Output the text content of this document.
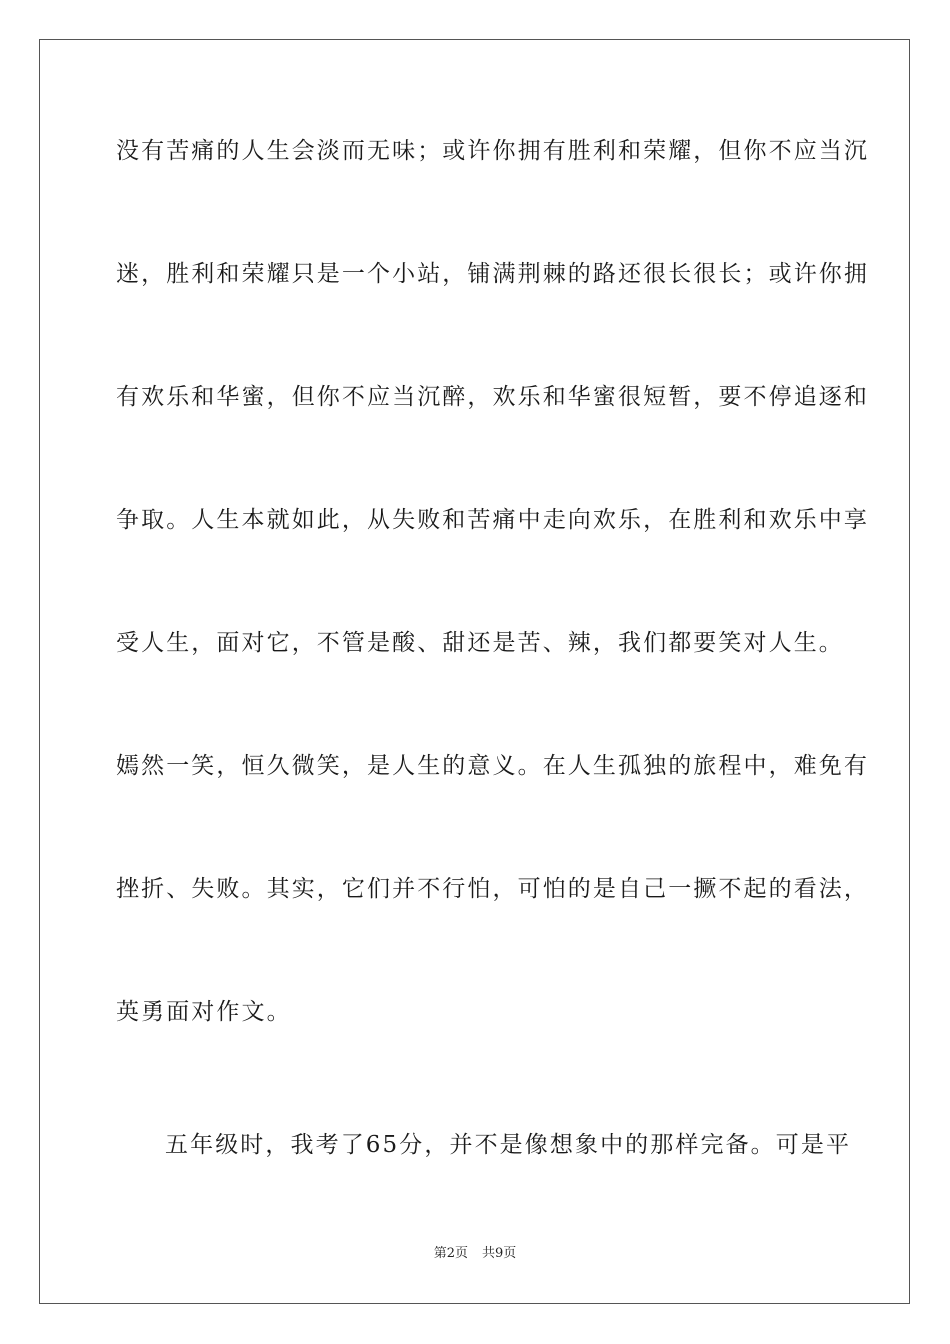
没有苦痛的人生会淡而无味；或许你拥有胜利和荣耀，但你不应当沉
迷，胜利和荣耀只是一个小站，铺满荆棘的路还很长很长；或许你拥
有欢乐和华蜜，但你不应当沉醉，欢乐和华蜜很短暂，要不停追逐和
争取。人生本就如此，从失败和苦痛中走向欢乐，在胜利和欢乐中享
受人生，面对它，不管是酸、甜还是苦、辣，我们都要笑对人生。
嫣然一笑，恒久微笑，是人生的意义。在人生孤独的旅程中，难免有
挫折、失败。其实，它们并不行怕，可怕的是自己一撅不起的看法，
英勇面对作文。
五年级时，我考了65分，并不是像想象中的那样完备。可是平
第2页 共9页
